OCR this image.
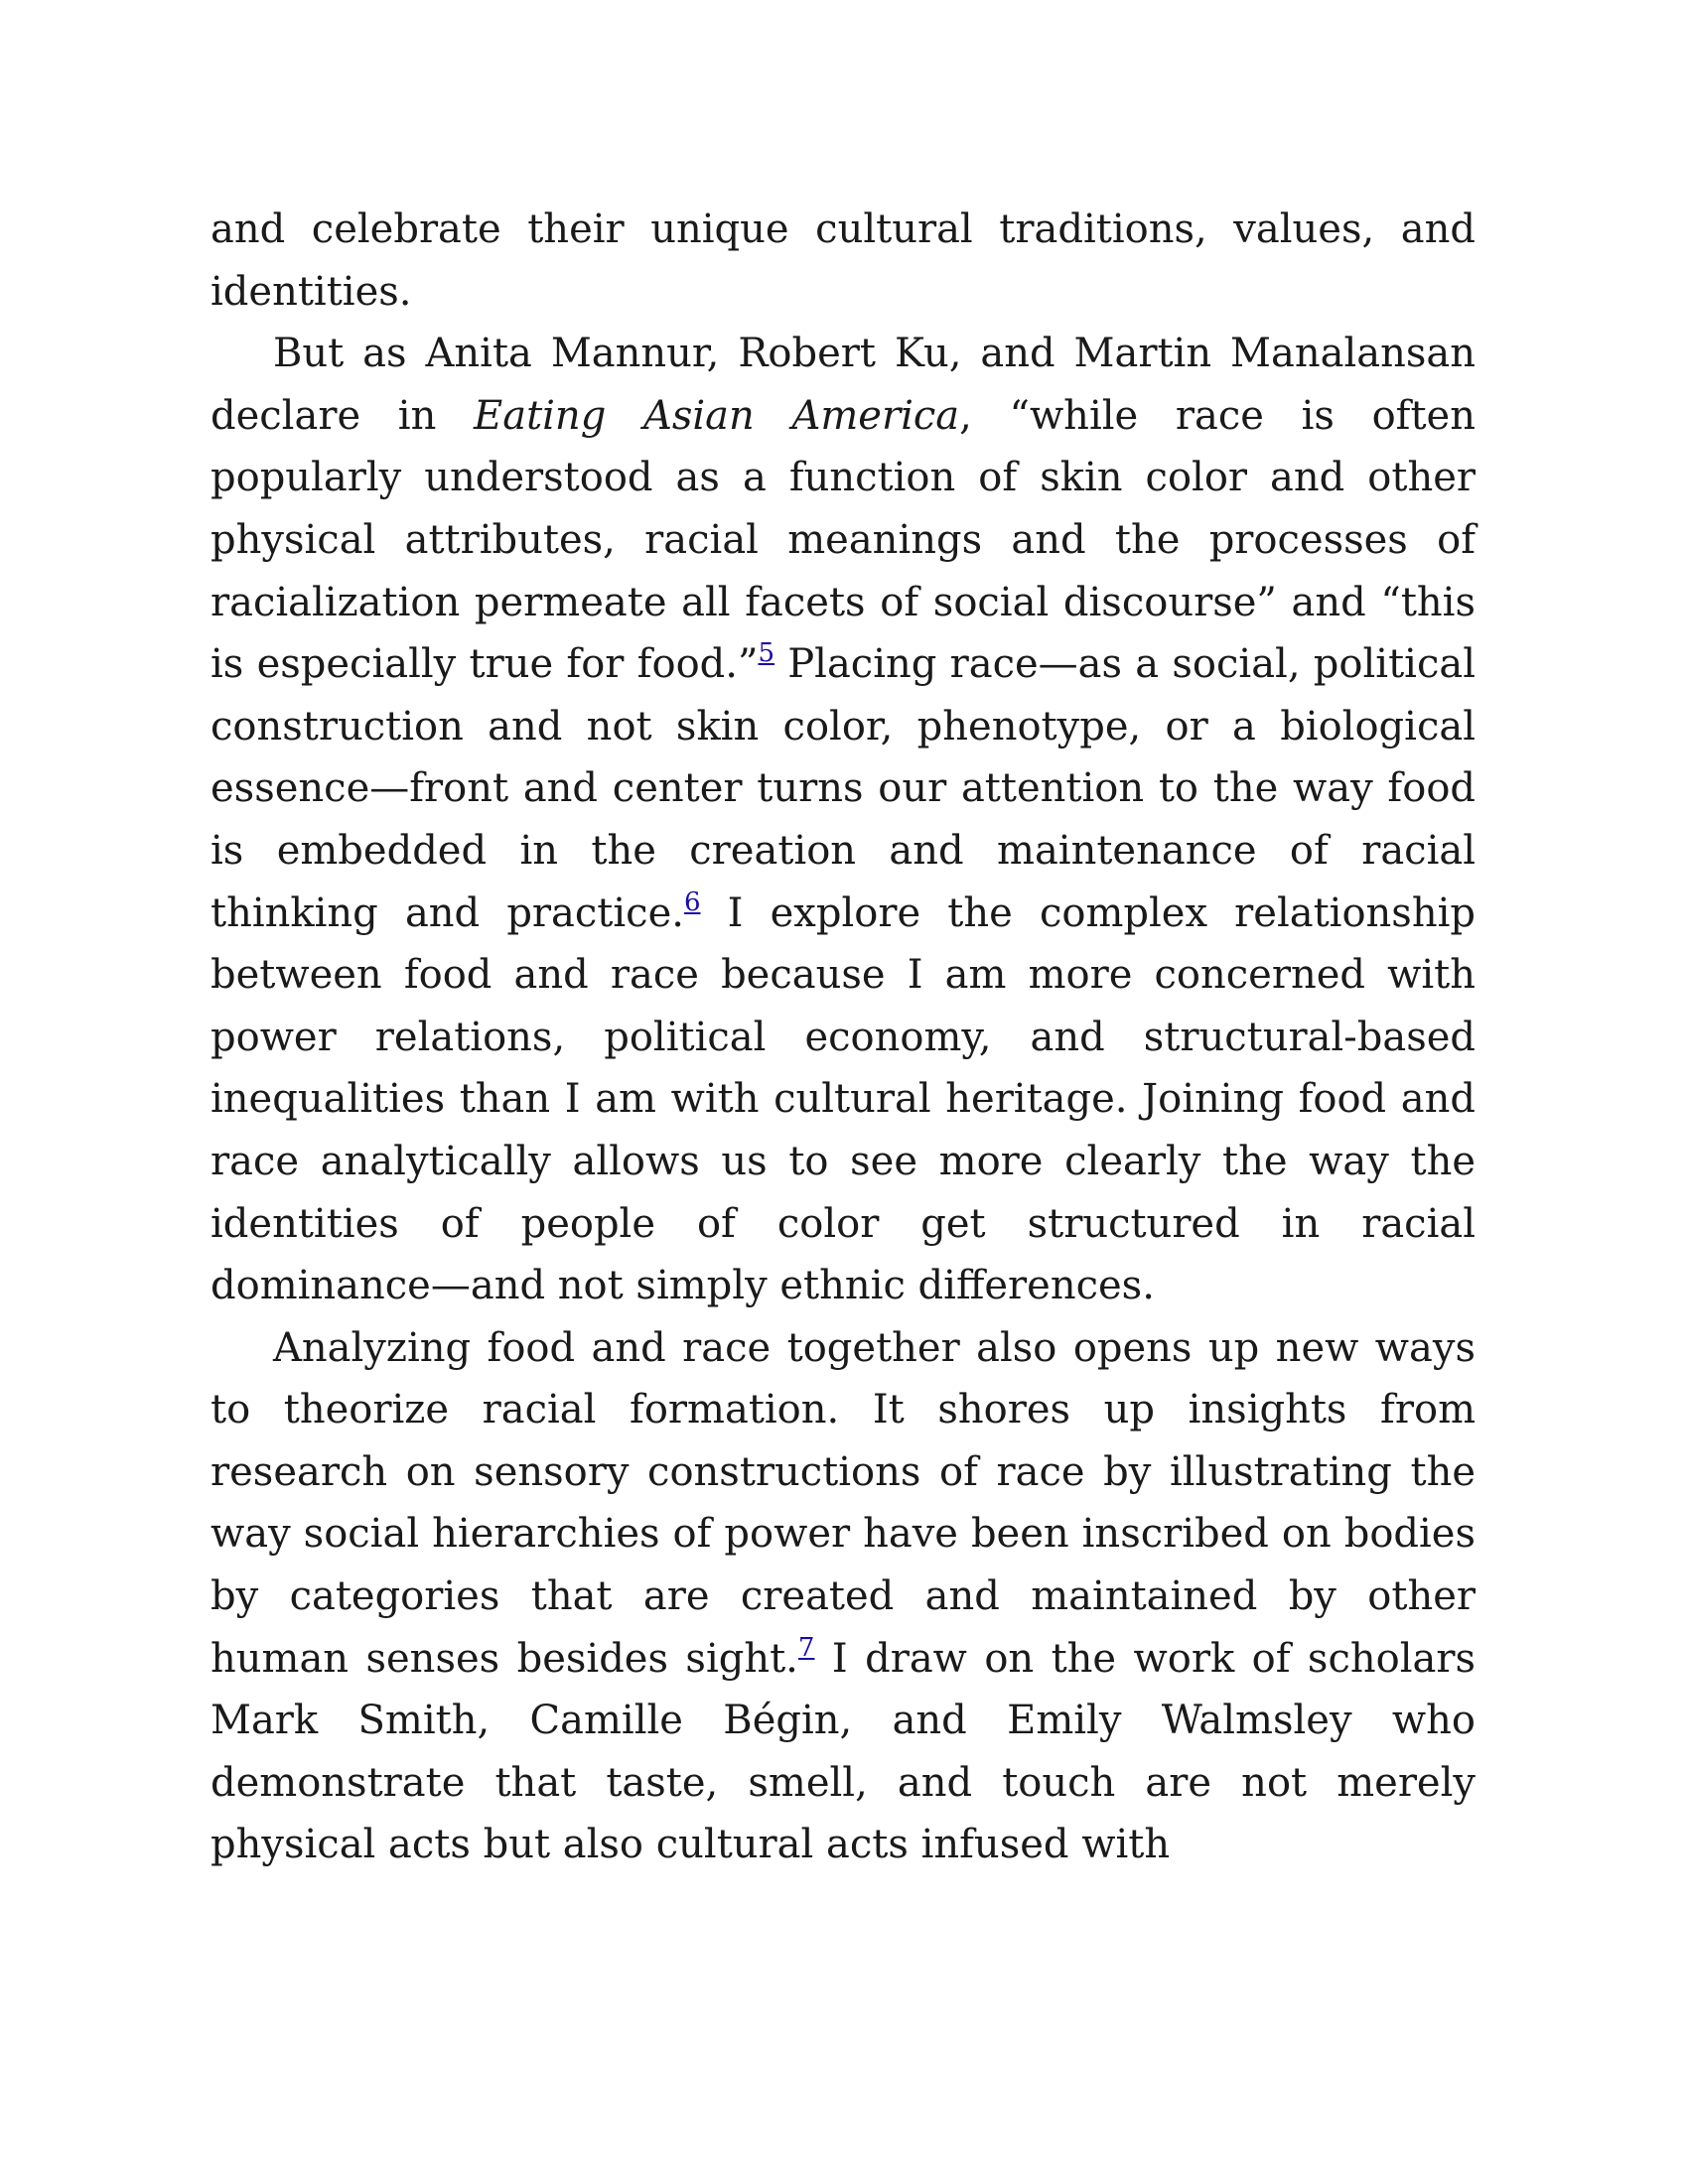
and celebrate their unique cultural traditions, values, and identities.

But as Anita Mannur, Robert Ku, and Martin Manalansan declare in Eating Asian America, “while race is often popularly understood as a function of skin color and other physical attributes, racial meanings and the processes of racialization permeate all facets of social discourse” and “this is especially true for food.”$^5$ Placing race—as a social, political construction and not skin color, phenotype, or a biological essence—front and center turns our attention to the way food is embedded in the creation and maintenance of racial thinking and practice.$^6$ I explore the complex relationship between food and race because I am more concerned with power relations, political economy, and structural-based inequalities than I am with cultural heritage. Joining food and race analytically allows us to see more clearly the way the identities of people of color get structured in racial dominance—and not simply ethnic differences.

Analyzing food and race together also opens up new ways to theorize racial formation. It shores up insights from research on sensory constructions of race by illustrating the way social hierarchies of power have been inscribed on bodies by categories that are created and maintained by other human senses besides sight.$^7$ I draw on the work of scholars Mark Smith, Camille Bégin, and Emily Walmsley who demonstrate that taste, smell, and touch are not merely physical acts but also cultural acts infused with
